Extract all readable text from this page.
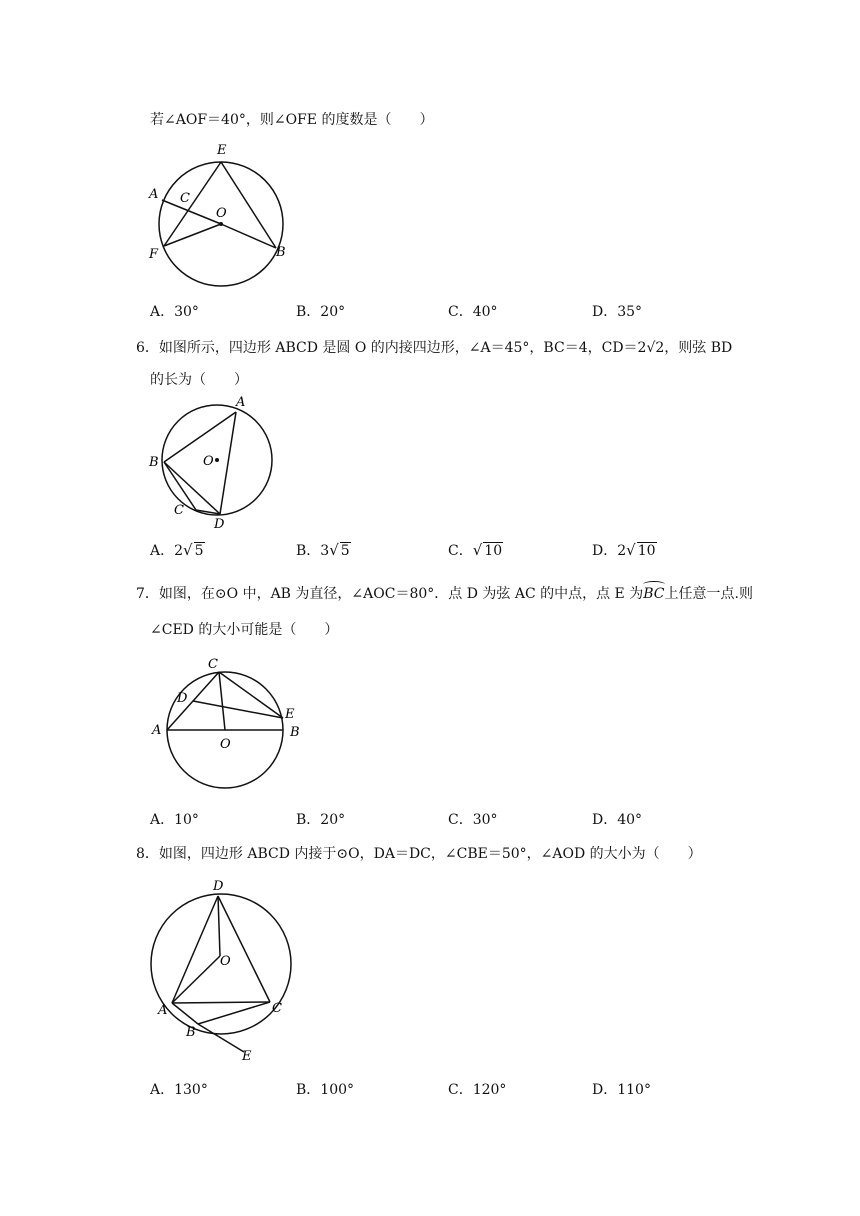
若∠AOF＝40°，则∠OFE 的度数是（　　）
E
A C
O
F	B
A．30°	B．20°	C．40°	D．35°
6．如图所示，四边形 ABCD 是圆 O 的内接四边形，∠A＝45°，BC＝4，CD＝2√2，则弦 BD
的长为（　　）
A
B	O
C
D
A．2√ 5	B．3√ 5	C．√ 10	D．2√ 10
7．如图，在⊙O 中，AB 为直径，∠AOC＝80°．点 D 为弦 AC 的中点，点 E 为BC上任意一点.则
∠CED 的大小可能是（　　）
C
D
E
A
O
B
A．10°	B．20°	C．30°	D．40°
8．如图，四边形 ABCD 内接于⊙O，DA＝DC，∠CBE＝50°，∠AOD 的大小为（　　）
D
O
A	C
B
E
A．130°	B．100°	C．120°	D．110°
